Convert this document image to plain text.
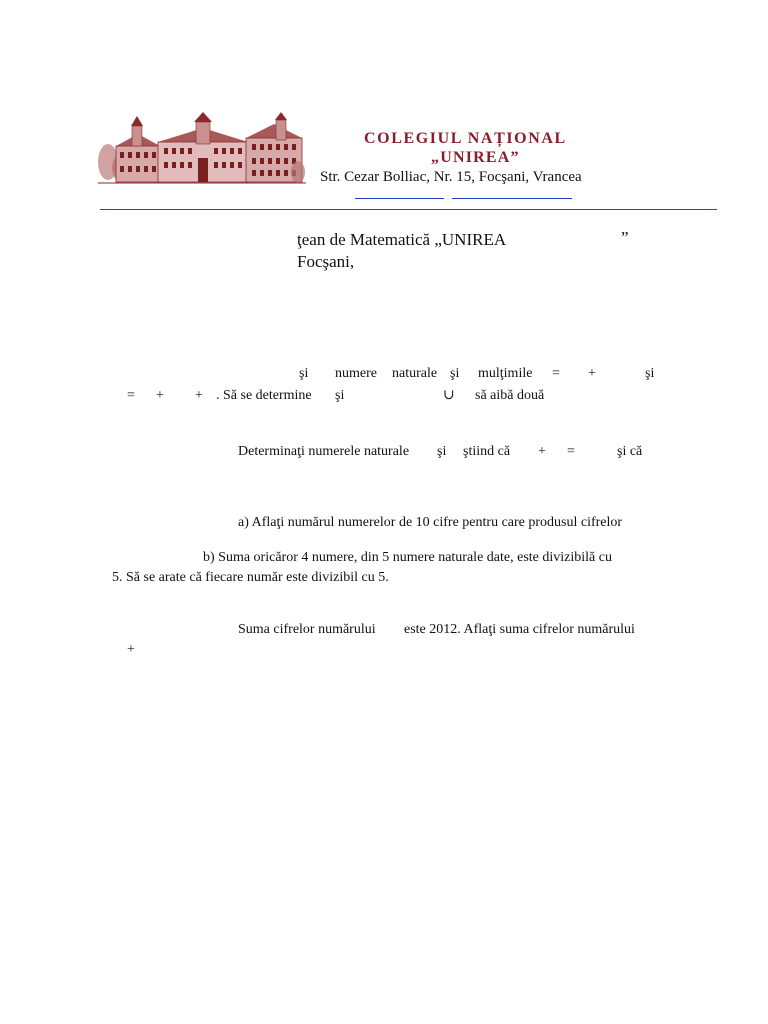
COLEGIUL NAȚIONAL
„UNIREA”
Str. Cezar Bolliac, Nr. 15, Focşani, Vrancea
ţean de Matematică „UNIREA	”
Focşani,
şi numere naturale şi mulţimile = +	şi
= + + . Să se determine şi	∪ să aibă două
Determinaţi numerele naturale şi ştiind că + =	şi că
a) Aflaţi numărul numerelor de 10 cifre pentru care produsul cifrelor
b) Suma oricăror 4 numere, din 5 numere naturale date, este divizibilă cu
5. Să se arate că fiecare număr este divizibil cu 5.
Suma cifrelor numărului este 2012. Aflaţi suma cifrelor numărului
+
